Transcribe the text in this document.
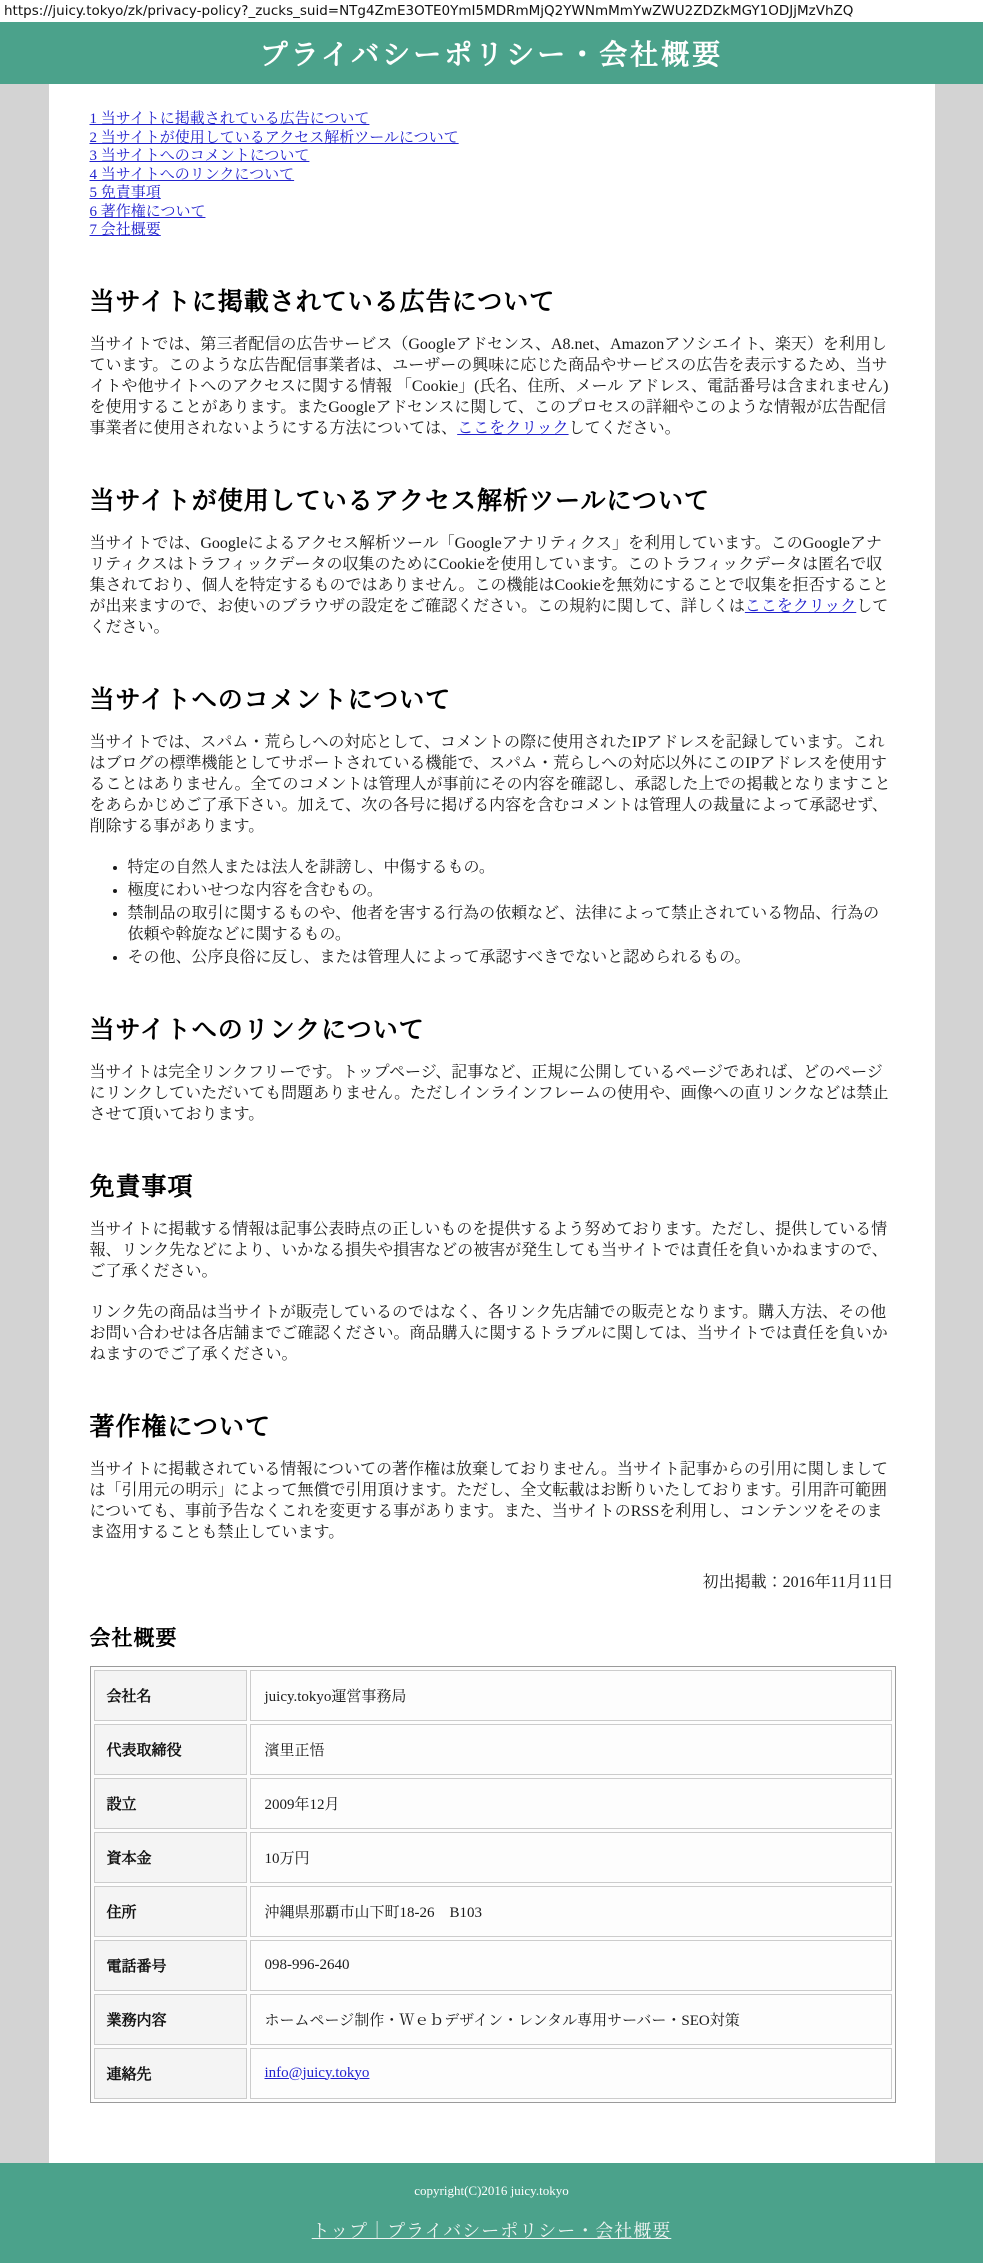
https://juicy.tokyo/zk/privacy-policy?_zucks_suid=NTg4ZmE3OTE0YmI5MDRmMjQ2YWNmMmYwZWU2ZDZkMGY1ODJjMzVhZQ
プライバシーポリシー・会社概要
1 当サイトに掲載されている広告について
2 当サイトが使用しているアクセス解析ツールについて
3 当サイトへのコメントについて
4 当サイトへのリンクについて
5 免責事項
6 著作権について
7 会社概要
当サイトに掲載されている広告について

当サイトでは、第三者配信の広告サービス（Googleアドセンス、A8.net、Amazonアソシエイト、楽天）を利用しています。このような広告配信事業者は、ユーザーの興味に応じた商品やサービスの広告を表示するため、当サイトや他サイトへのアクセスに関する情報 「Cookie」(氏名、住所、メール アドレス、電話番号は含まれません) を使用することがあります。またGoogleアドセンスに関して、このプロセスの詳細やこのような情報が広告配信事業者に使用されないようにする方法については、ここをクリックしてください。

当サイトが使用しているアクセス解析ツールについて

当サイトでは、Googleによるアクセス解析ツール「Googleアナリティクス」を利用しています。このGoogleアナリティクスはトラフィックデータの収集のためにCookieを使用しています。このトラフィックデータは匿名で収集されており、個人を特定するものではありません。この機能はCookieを無効にすることで収集を拒否することが出来ますので、お使いのブラウザの設定をご確認ください。この規約に関して、詳しくはここをクリックしてください。

当サイトへのコメントについて

当サイトでは、スパム・荒らしへの対応として、コメントの際に使用されたIPアドレスを記録しています。これはブログの標準機能としてサポートされている機能で、スパム・荒らしへの対応以外にこのIPアドレスを使用することはありません。全てのコメントは管理人が事前にその内容を確認し、承認した上での掲載となりますことをあらかじめご了承下さい。加えて、次の各号に掲げる内容を含むコメントは管理人の裁量によって承認せず、削除する事があります。

• 特定の自然人または法人を誹謗し、中傷するもの。
• 極度にわいせつな内容を含むもの。
• 禁制品の取引に関するものや、他者を害する行為の依頼など、法律によって禁止されている物品、行為の依頼や斡旋などに関するもの。
• その他、公序良俗に反し、または管理人によって承認すべきでないと認められるもの。
当サイトへのリンクについて

当サイトは完全リンクフリーです。トップページ、記事など、正規に公開しているページであれば、どのページにリンクしていただいても問題ありません。ただしインラインフレームの使用や、画像への直リンクなどは禁止させて頂いております。

免責事項

当サイトに掲載する情報は記事公表時点の正しいものを提供するよう努めております。ただし、提供している情報、リンク先などにより、いかなる損失や損害などの被害が発生しても当サイトでは責任を負いかねますので、ご了承ください。

リンク先の商品は当サイトが販売しているのではなく、各リンク先店舗での販売となります。購入方法、その他お問い合わせは各店舗までご確認ください。商品購入に関するトラブルに関しては、当サイトでは責任を負いかねますのでご了承ください。

著作権について

当サイトに掲載されている情報についての著作権は放棄しておりません。当サイト記事からの引用に関しましては「引用元の明示」によって無償で引用頂けます。ただし、全文転載はお断りいたしております。引用許可範囲についても、事前予告なくこれを変更する事があります。また、当サイトのRSSを利用し、コンテンツをそのまま盗用することも禁止しています。

初出掲載：2016年11月11日
会社概要
会社名	juicy.tokyo運営事務局
代表取締役	濱里正悟
設立	2009年12月
資本金	10万円
住所	沖縄県那覇市山下町18-26　B103
電話番号	098-996-2640
業務内容	ホームページ制作・Ｗｅｂデザイン・レンタル専用サーバー・SEO対策
連絡先	info@juicy.tokyo

copyright(C)2016 juicy.tokyo

トップ｜プライバシーポリシー・会社概要
